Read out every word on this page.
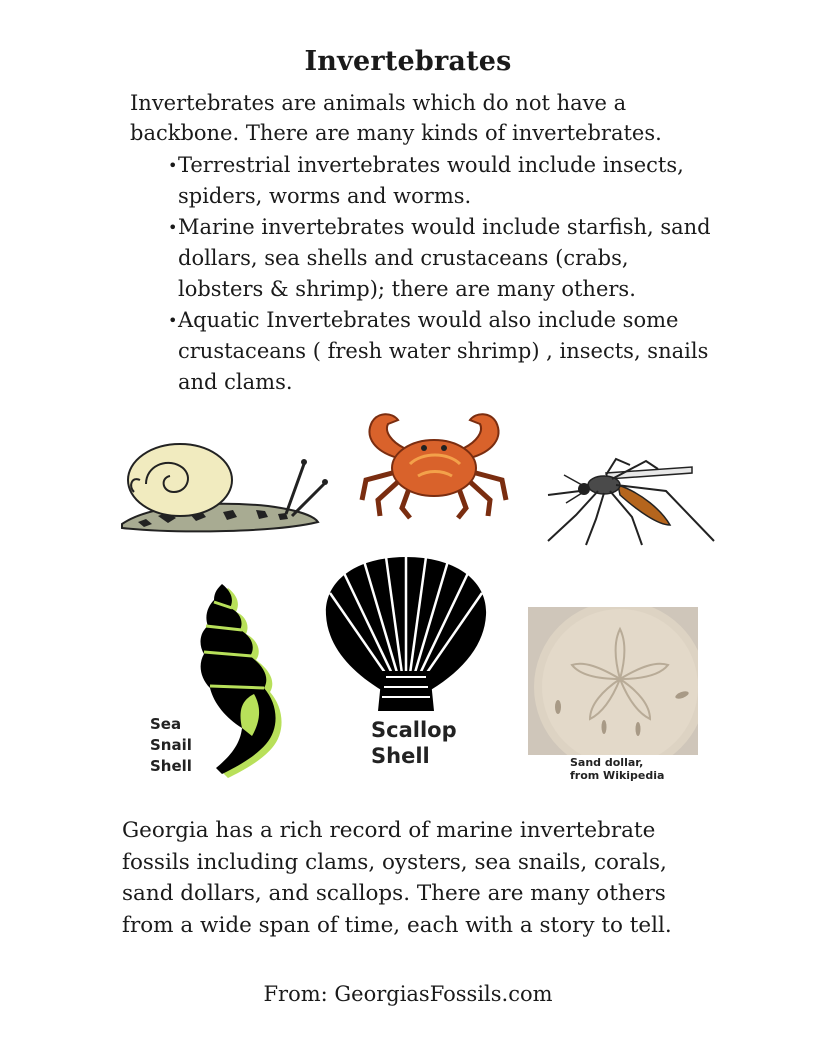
Invertebrates

Invertebrates are animals which do not have a backbone. There are many kinds of invertebrates.

• Terrestrial invertebrates would include insects, spiders, worms and worms.
• Marine invertebrates would include starfish, sand dollars, sea shells and crustaceans (crabs, lobsters & shrimp); there are many others.
• Aquatic Invertebrates would also include some crustaceans ( fresh water shrimp) , insects, snails and clams.
Sea
Snail
Shell
Scallop
Shell	Sand dollar,
from Wikipedia

Georgia has a rich record of marine invertebrate fossils including clams, oysters, sea snails, corals, sand dollars, and scallops. There are many others from a wide span of time, each with a story to tell.

From: GeorgiasFossils.com
